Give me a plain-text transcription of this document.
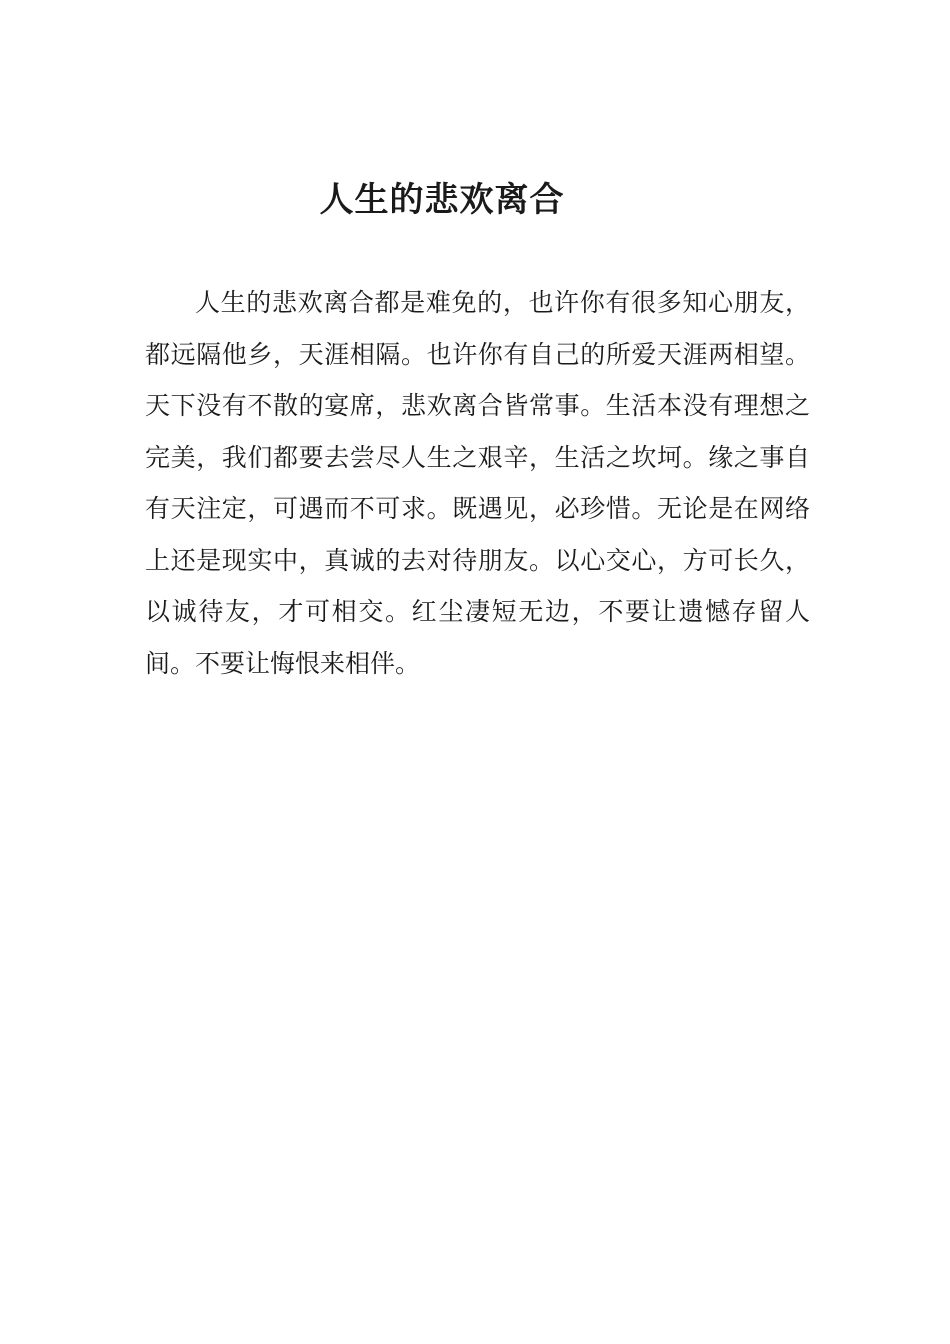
人生的悲欢离合

人生的悲欢离合都是难免的，也许你有很多知心朋友，都远隔他乡，天涯相隔。也许你有自己的所爱天涯两相望。天下没有不散的宴席，悲欢离合皆常事。生活本没有理想之完美，我们都要去尝尽人生之艰辛，生活之坎坷。缘之事自有天注定，可遇而不可求。既遇见，必珍惜。无论是在网络上还是现实中，真诚的去对待朋友。以心交心，方可长久，以诚待友，才可相交。红尘凄短无边，不要让遗憾存留人间。不要让悔恨来相伴。
